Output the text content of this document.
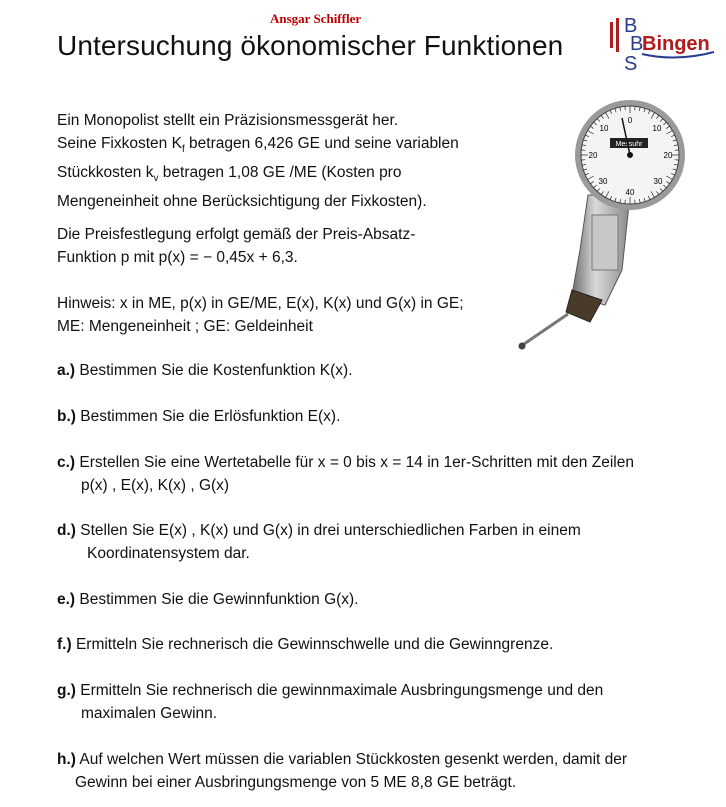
Ansgar Schiffler
Untersuchung ökonomischer Funktionen
B
B
S
Bingen

Ein Monopolist stellt ein Präzisionsmessgerät her.
Seine Fixkosten $K_f$ betragen 6,426 GE und seine variablen
Stückkosten $k_v$ betragen 1,08 GE /ME (Kosten pro
Mengeneinheit ohne Berücksichtigung der Fixkosten).

Die Preisfestlegung erfolgt gemäß der Preis-Absatz-
Funktion p mit p(x) = − 0,45x + 6,3.

Hinweis: x in ME, p(x) in GE/ME, E(x), K(x) und G(x) in GE;
ME: Mengeneinheit ; GE: Geldeinheit

Messuhr
0
10
20
30
40
10
20
30

a.) Bestimmen Sie die Kostenfunktion K(x).

b.) Bestimmen Sie die Erlösfunktion E(x).

c.) Erstellen Sie eine Wertetabelle für x = 0 bis x = 14 in 1er-Schritten mit den Zeilen
p(x) , E(x), K(x) , G(x)

d.) Stellen Sie E(x) , K(x) und G(x) in drei unterschiedlichen Farben in einem
Koordinatensystem dar.

e.) Bestimmen Sie die Gewinnfunktion G(x).

f.) Ermitteln Sie rechnerisch die Gewinnschwelle und die Gewinngrenze.

g.) Ermitteln Sie rechnerisch die gewinnmaximale Ausbringungsmenge und den
maximalen Gewinn.

h.) Auf welchen Wert müssen die variablen Stückkosten gesenkt werden, damit der
Gewinn bei einer Ausbringungsmenge von 5 ME 8,8 GE beträgt.
